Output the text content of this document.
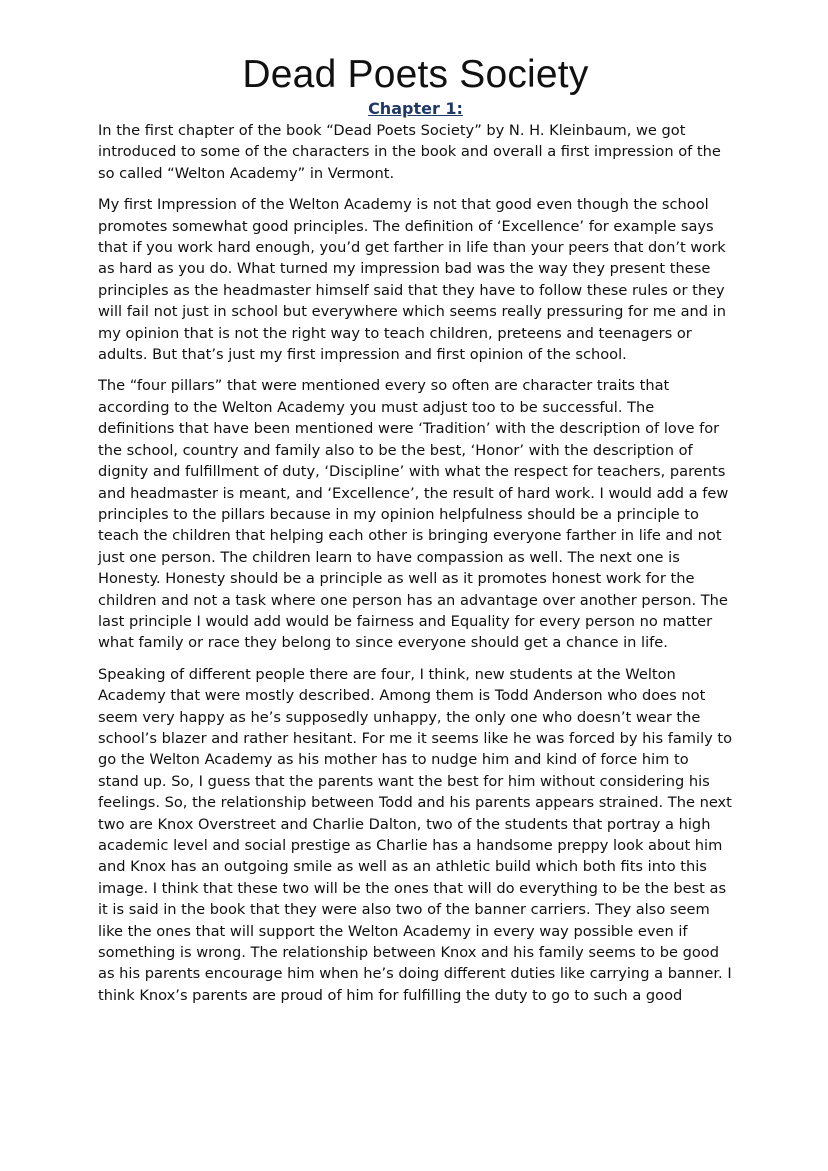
Dead Poets Society
Chapter 1:

In the first chapter of the book “Dead Poets Society” by N. H. Kleinbaum, we got introduced to some of the characters in the book and overall a first impression of the so called “Welton Academy” in Vermont.

My first Impression of the Welton Academy is not that good even though the school promotes somewhat good principles. The definition of ‘Excellence’ for example says that if you work hard enough, you’d get farther in life than your peers that don’t work as hard as you do. What turned my impression bad was the way they present these principles as the headmaster himself said that they have to follow these rules or they will fail not just in school but everywhere which seems really pressuring for me and in my opinion that is not the right way to teach children, preteens and teenagers or adults. But that’s just my first impression and first opinion of the school.

The “four pillars” that were mentioned every so often are character traits that according to the Welton Academy you must adjust too to be successful. The definitions that have been mentioned were ‘Tradition’ with the description of love for the school, country and family also to be the best, ‘Honor’ with the description of dignity and fulfillment of duty, ‘Discipline’ with what the respect for teachers, parents and headmaster is meant, and ‘Excellence’, the result of hard work. I would add a few principles to the pillars because in my opinion helpfulness should be a principle to teach the children that helping each other is bringing everyone farther in life and not just one person. The children learn to have compassion as well. The next one is Honesty. Honesty should be a principle as well as it promotes honest work for the children and not a task where one person has an advantage over another person. The last principle I would add would be fairness and Equality for every person no matter what family or race they belong to since everyone should get a chance in life.

Speaking of different people there are four, I think, new students at the Welton Academy that were mostly described. Among them is Todd Anderson who does not seem very happy as he’s supposedly unhappy, the only one who doesn’t wear the school’s blazer and rather hesitant. For me it seems like he was forced by his family to go the Welton Academy as his mother has to nudge him and kind of force him to stand up. So, I guess that the parents want the best for him without considering his feelings. So, the relationship between Todd and his parents appears strained. The next two are Knox Overstreet and Charlie Dalton, two of the students that portray a high academic level and social prestige as Charlie has a handsome preppy look about him and Knox has an outgoing smile as well as an athletic build which both fits into this image. I think that these two will be the ones that will do everything to be the best as it is said in the book that they were also two of the banner carriers. They also seem like the ones that will support the Welton Academy in every way possible even if something is wrong. The relationship between Knox and his family seems to be good as his parents encourage him when he’s doing different duties like carrying a banner. I think Knox’s parents are proud of him for fulfilling the duty to go to such a good
